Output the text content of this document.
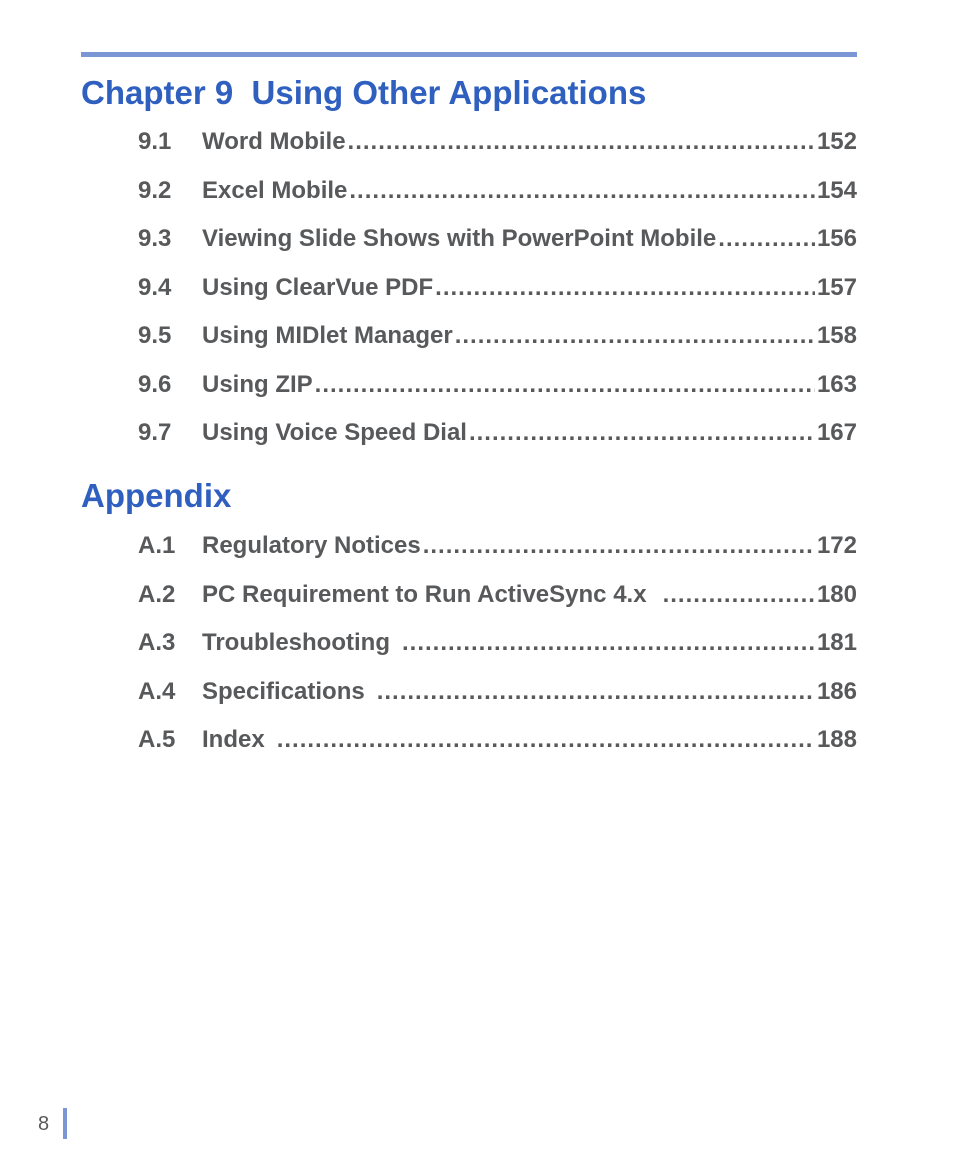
Chapter 9  Using Other Applications
9.1	Word Mobile .....	152
9.2	Excel Mobile .....	154
9.3	Viewing Slide Shows with PowerPoint Mobile .....	156
9.4	Using ClearVue PDF .....	157
9.5	Using MIDlet Manager .....	158
9.6	Using ZIP .....	163
9.7	Using Voice Speed Dial .....	167
Appendix
A.1	Regulatory Notices .....	172
A.2	PC Requirement to Run ActiveSync 4.x .....	180
A.3	Troubleshooting .....	181
A.4	Specifications .....	186
A.5	Index .....	188
8
